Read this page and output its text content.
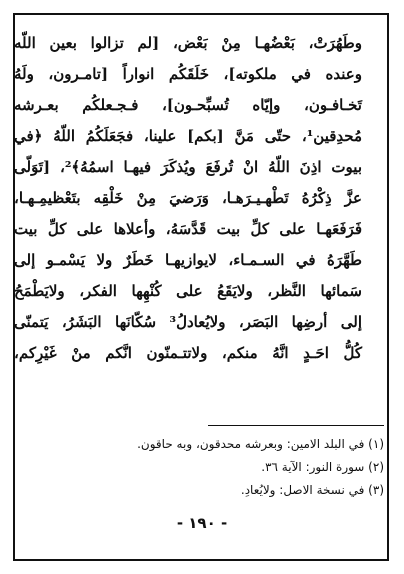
وطَهُرَتْ، بَعْضُهـا مِنْ بَعْض، [لم تزالوا بعين اللّه
وعنده في ملكوته]، خَلَقَكُم انواراً [تامـرون، ولَهُ
تَخـافـون، وإيّاه تُسبِّحـون]، فـجـعلكُم بعـرشه
مُحدِقين¹، حتّى مَنَّ [بكم] علينا، فجَعَلَكُمُ اللّهُ ﴿في
بيوت اذِنَ اللّهُ انْ تُرفَعَ ويُذكَرَ فيهـا اسمُهُ﴾²، [تَوَلّى
عزَّ ذِكْرُهُ تَطْهـيـرَهـا، وَرَضيَ مِنْ خَلْقِه بتَعْظيمِـهـا،
فَرَفَعَهـا على كلِّ بيت قَدَّسَهُ، وأعلاها على كلِّ بيت
طَهَّرَهُ في السـمـاء، لايوازيهـا خَطَرٌ ولا يَسْمـو إلى
سَمائها النَّظر، ولايَقَعُ على كُنْهِها الفكر، ولايَطْمَحُ
إلى أرضِها البَصَر، ولايُعادلُ³ سُكّانَها البَشَرُ، يَتمنّى
كُلُّ احَـدٍ انَّهُ منكم، ولاتتـمنّون انَّكم منْ غَيْرِكم،
(١) في البلد الامين: وبعرشه محدقون، وبه حاقون.
(٢) سورة النور: الآية ٣٦.
(٣) في نسخة الاصل: ولايُعادِ.
- ١٩٠ -
